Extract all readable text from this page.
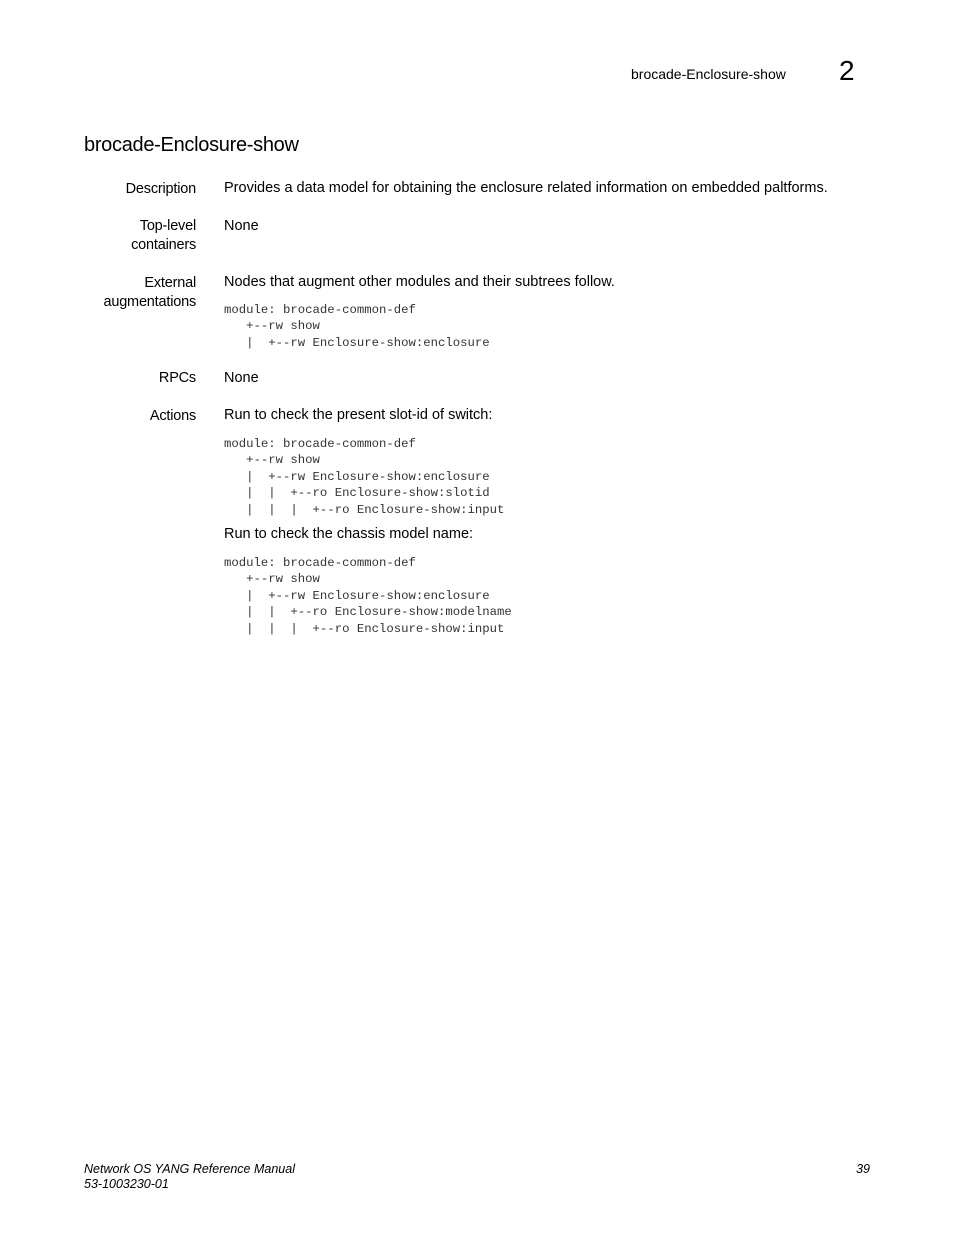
brocade-Enclosure-show 2
brocade-Enclosure-show
Description Provides a data model for obtaining the enclosure related information on embedded paltforms.
Top-level
containers
None
External
augmentations
Nodes that augment other modules and their subtrees follow.
module: brocade-common-def
+--rw show
|  +--rw Enclosure-show:enclosure
RPCs None
Actions Run to check the present slot-id of switch:
module: brocade-common-def
+--rw show
|  +--rw Enclosure-show:enclosure
|  |  +--ro Enclosure-show:slotid
|  |  |  +--ro Enclosure-show:input
Run to check the chassis model name:
module: brocade-common-def
+--rw show
|  +--rw Enclosure-show:enclosure
|  |  +--ro Enclosure-show:modelname
|  |  |  +--ro Enclosure-show:input
Network OS YANG Reference Manual
53-1003230-01
39
